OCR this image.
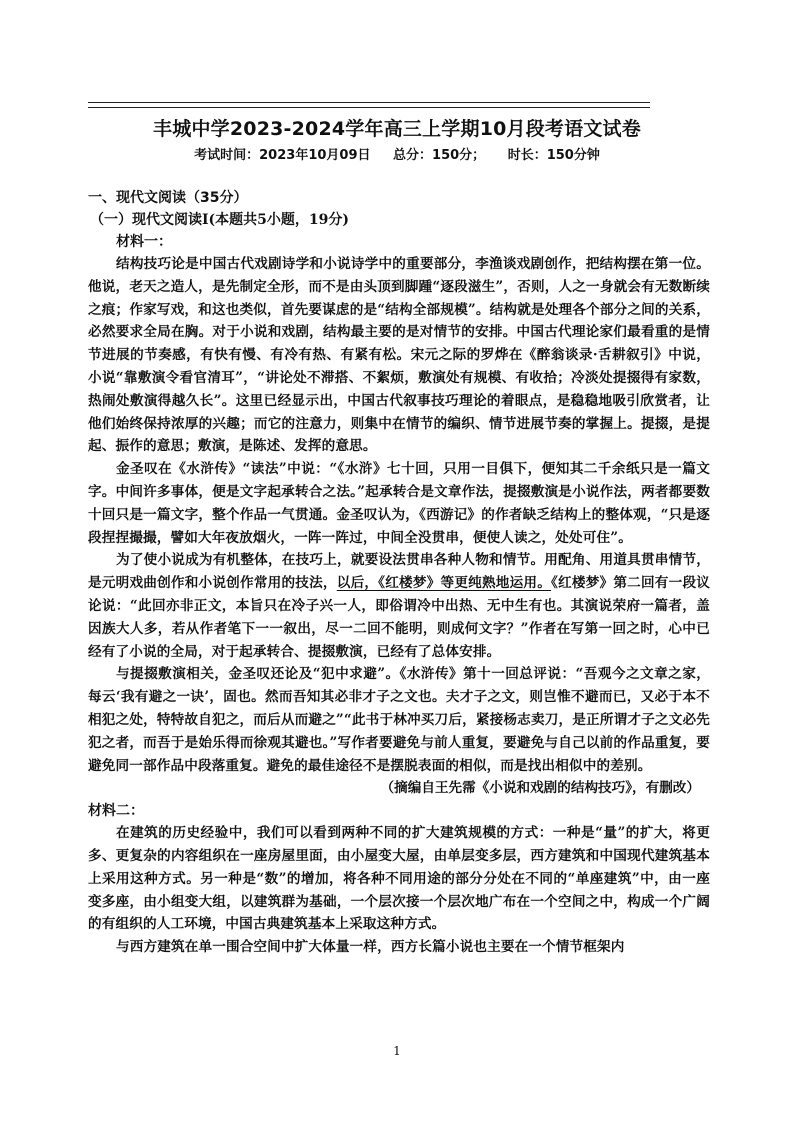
丰城中学2023-2024学年高三上学期10月段考语文试卷
考试时间：2023年10月09日 总分：150分； 时长：150分钟
一、现代文阅读（35分）
（一）现代文阅读Ⅰ(本题共5小题，19分)
材料一：

结构技巧论是中国古代戏剧诗学和小说诗学中的重要部分，李渔谈戏剧创作，把结构摆在第一位。他说，老天之造人，是先制定全形，而不是由头顶到脚踵“逐段滋生”，否则，人之一身就会有无数断续之痕；作家写戏，和这也类似，首先要谋虑的是“结构全部规模”。结构就是处理各个部分之间的关系，必然要求全局在胸。对于小说和戏剧，结构最主要的是对情节的安排。中国古代理论家们最看重的是情节进展的节奏感，有快有慢、有冷有热、有紧有松。宋元之际的罗烨在《醉翁谈录·舌耕叙引》中说，小说“靠敷演令看官清耳”，“讲论处不滞搭、不絮烦，敷演处有规模、有收拾；冷淡处提掇得有家数，热闹处敷演得越久长”。这里已经显示出，中国古代叙事技巧理论的着眼点，是稳稳地吸引欣赏者，让他们始终保持浓厚的兴趣；而它的注意力，则集中在情节的编织、情节进展节奏的掌握上。提掇，是提起、振作的意思；敷演，是陈述、发挥的意思。

金圣叹在《水浒传》“读法”中说：“《水浒》七十回，只用一目俱下，便知其二千余纸只是一篇文字。中间许多事体，便是文字起承转合之法。”起承转合是文章作法，提掇敷演是小说作法，两者都要数十回只是一篇文字，整个作品一气贯通。金圣叹认为，《西游记》的作者缺乏结构上的整体观，“只是逐段捏捏撮撮，譬如大年夜放烟火，一阵一阵过，中间全没贯串，便使人读之，处处可住”。

为了使小说成为有机整体，在技巧上，就要设法贯串各种人物和情节。用配角、用道具贯串情节，是元明戏曲创作和小说创作常用的技法，以后，《红楼梦》等更纯熟地运用。《红楼梦》第二回有一段议论说：“此回亦非正文，本旨只在冷子兴一人，即俗谓冷中出热、无中生有也。其演说荣府一篇者，盖因族大人多，若从作者笔下一一叙出，尽一二回不能明，则成何文字？”作者在写第一回之时，心中已经有了小说的全局，对于起承转合、提掇敷演，已经有了总体安排。

与提掇敷演相关，金圣叹还论及“犯中求避”。《水浒传》第十一回总评说：“吾观今之文章之家，每云‘我有避之一诀’，固也。然而吾知其必非才子之文也。夫才子之文，则岂惟不避而已，又必于本不相犯之处，特特故自犯之，而后从而避之”“此书于林冲买刀后，紧接杨志卖刀，是正所谓才子之文必先犯之者，而吾于是始乐得而徐观其避也。”写作者要避免与前人重复，要避免与自己以前的作品重复，要避免同一部作品中段落重复。避免的最佳途径不是摆脱表面的相似，而是找出相似中的差别。

（摘编自王先霈《小说和戏剧的结构技巧》，有删改）
材料二：

在建筑的历史经验中，我们可以看到两种不同的扩大建筑规模的方式：一种是“量”的扩大，将更多、更复杂的内容组织在一座房屋里面，由小屋变大屋，由单层变多层，西方建筑和中国现代建筑基本上采用这种方式。另一种是“数”的增加，将各种不同用途的部分分处在不同的“单座建筑”中，由一座变多座，由小组变大组，以建筑群为基础，一个层次接一个层次地广布在一个空间之中，构成一个广阔的有组织的人工环境，中国古典建筑基本上采取这种方式。

与西方建筑在单一围合空间中扩大体量一样，西方长篇小说也主要在一个情节框架内

1
